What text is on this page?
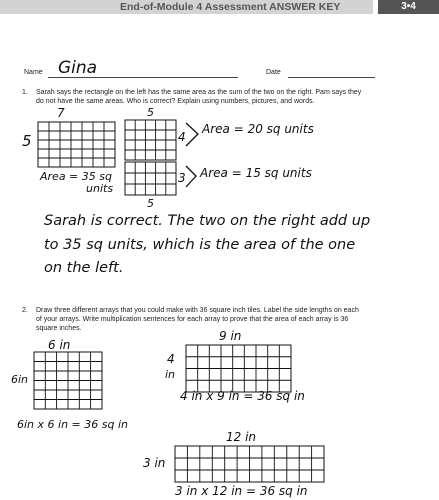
End-of-Module 4 Assessment ANSWER KEY	3•4
Name Gina	Date
1. Sarah says the rectangle on the left has the same area as the sum of the two on the right. Pam says they
do not have the same areas. Who is correct? Explain using numbers, pictures, and words.
7
5
Area = 35 sq
units
5
4
Area = 20 sq units
3 Area = 15 sq units
5
Sarah is correct. The two on the right add up
to 35 sq units, which is the area of the one
on the left.
2. Draw three different arrays that you could make with 36 square inch tiles. Label the side lengths on each
of your arrays. Write multiplication sentences for each array to prove that the area of each array is 36
square inches.
6 in
6in
6in x 6 in = 36 sq in
9 in
4
in
4 in x 9 in = 36 sq in
12 in
3 in
3 in x 12 in = 36 sq in
